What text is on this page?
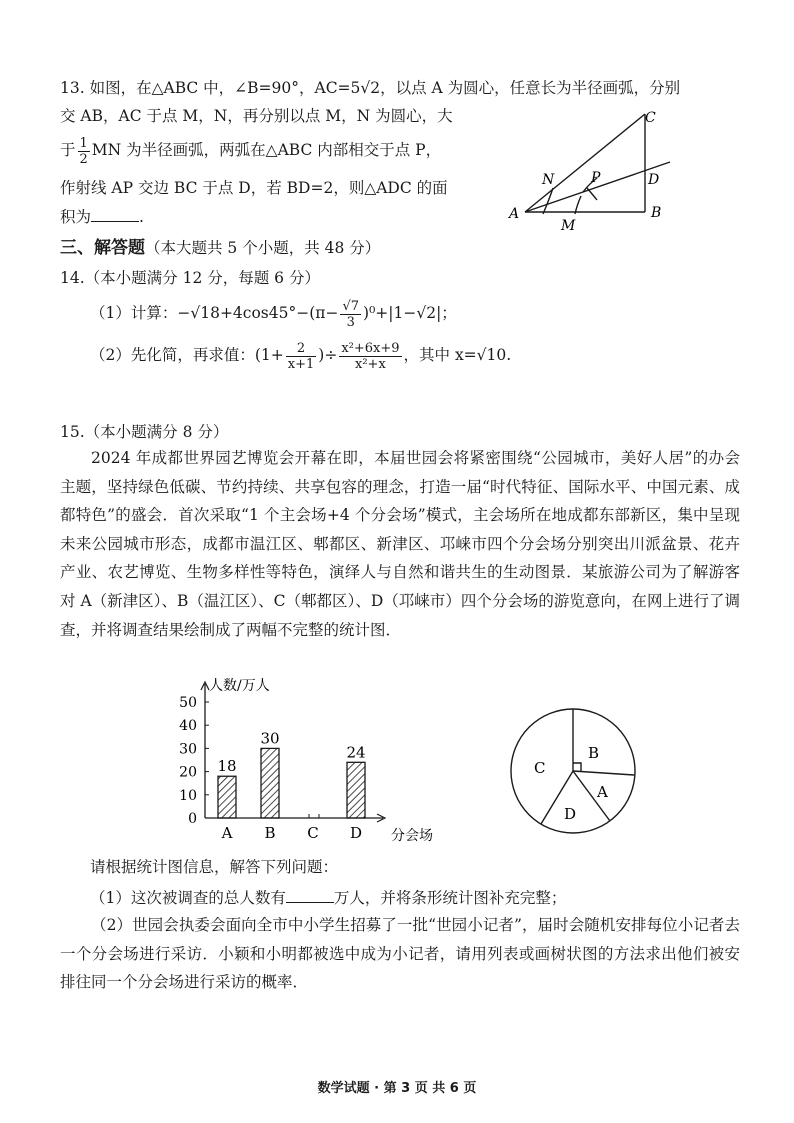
13. 如图，在△ABC 中，∠B=90°，AC=5√2，以点 A 为圆心，任意长为半径画弧，分别
交 AB，AC 于点 M，N，再分别以点 M，N 为圆心，大
于 $\frac{1}{2}$ MN 为半径画弧，两弧在△ABC 内部相交于点 P，
作射线 AP 交边 BC 于点 D，若 BD=2，则△ADC 的面
积为	.	A	B
C
D
M
N	P
三、解答题（本大题共 5 个小题，共 48 分）
14.（本小题满分 12 分，每题 6 分）
（1）计算：$-√18+4\cos 45^\circ-(\pi- \frac{√7}{3} )^0+|1-√2|$；
（2）先化简，再求值：($1+ \frac{2}{x+1}$ )÷ $\frac{\text{x²+6x+9}}{\text{x²+x}}$ ，其中 x=√10.
15.（本小题满分 8 分）
2024 年成都世界园艺博览会开幕在即，本届世园会将紧密围绕“公园城市，美好人居”的办会主题，坚持绿色低碳、节约持续、共享包容的理念，打造一届“时代特征、国际水平、中国元素、成都特色”的盛会．首次采取“1 个主会场+4 个分会场”模式，主会场所在地成都东部新区，集中呈现未来公园城市形态，成都市温江区、郫都区、新津区、邛崃市四个分会场分别突出川派盆景、花卉产业、农艺博览、生物多样性等特色，演绎人与自然和谐共生的生动图景．某旅游公司为了解游客对 A（新津区）、B（温江区）、C（郫都区）、D（邛崃市）四个分会场的游览意向，在网上进行了调查，并将调查结果绘制成了两幅不完整的统计图．
0
10
20
30
40
50
人数/万人
分会场
A
18
B
30
C D
24	B
A
D
C
请根据统计图信息，解答下列问题：
（1）这次被调查的总人数有	万人，并将条形统计图补充完整；
（2）世园会执委会面向全市中小学生招募了一批“世园小记者”，届时会随机安排每位小记者去一个分会场进行采访．小颖和小明都被选中成为小记者，请用列表或画树状图的方法求出他们被安排往同一个分会场进行采访的概率．
数学试题 · 第 3 页 共 6 页
